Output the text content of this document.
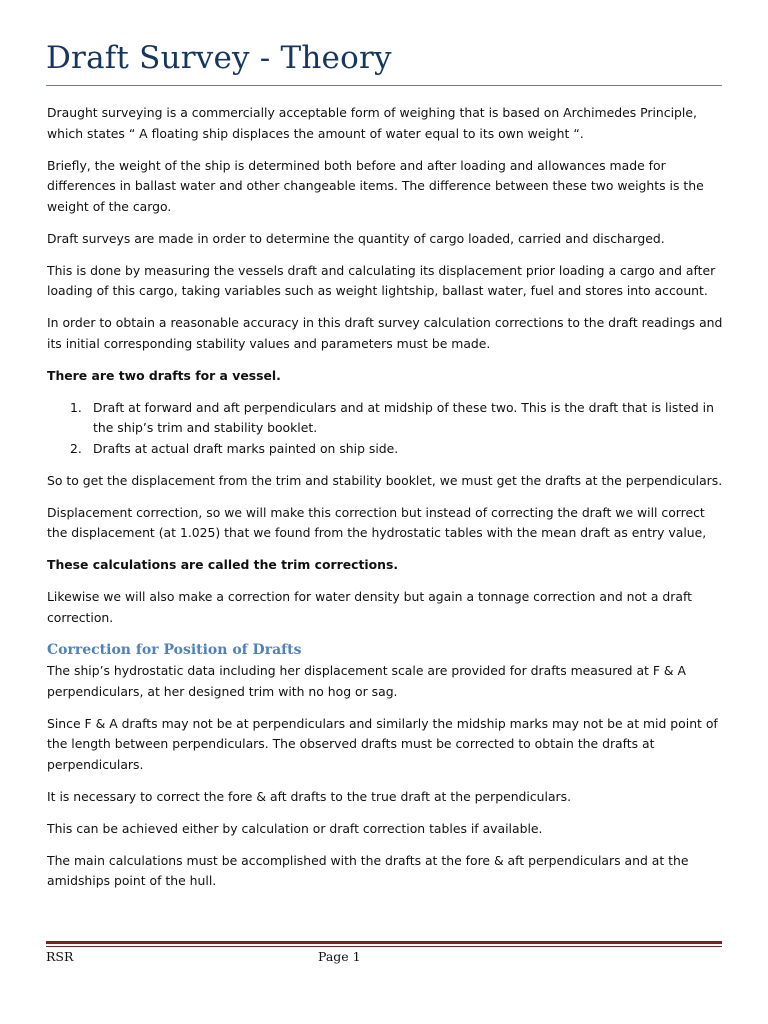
Draft Survey - Theory

Draught surveying is a commercially acceptable form of weighing that is based on Archimedes Principle, which states “ A floating ship displaces the amount of water equal to its own weight “.

Briefly, the weight of the ship is determined both before and after loading and allowances made for differences in ballast water and other changeable items. The difference between these two weights is the weight of the cargo.

Draft surveys are made in order to determine the quantity of cargo loaded, carried and discharged.

This is done by measuring the vessels draft and calculating its displacement prior loading a cargo and after loading of this cargo, taking variables such as weight lightship, ballast water, fuel and stores into account.

In order to obtain a reasonable accuracy in this draft survey calculation corrections to the draft readings and its initial corresponding stability values and parameters must be made.

There are two drafts for a vessel.

1. Draft at forward and aft perpendiculars and at midship of these two. This is the draft that is listed in the ship’s trim and stability booklet.
2. Drafts at actual draft marks painted on ship side.

So to get the displacement from the trim and stability booklet, we must get the drafts at the perpendiculars.

Displacement correction, so we will make this correction but instead of correcting the draft we will correct the displacement (at 1.025) that we found from the hydrostatic tables with the mean draft as entry value,

These calculations are called the trim corrections.

Likewise we will also make a correction for water density but again a tonnage correction and not a draft correction.

Correction for Position of Drafts

The ship’s hydrostatic data including her displacement scale are provided for drafts measured at F & A perpendiculars, at her designed trim with no hog or sag.

Since F & A drafts may not be at perpendiculars and similarly the midship marks may not be at mid point of the length between perpendiculars. The observed drafts must be corrected to obtain the drafts at perpendiculars.

It is necessary to correct the fore & aft drafts to the true draft at the perpendiculars.

This can be achieved either by calculation or draft correction tables if available.

The main calculations must be accomplished with the drafts at the fore & aft perpendiculars and at the amidships point of the hull.

RSR	Page 1
